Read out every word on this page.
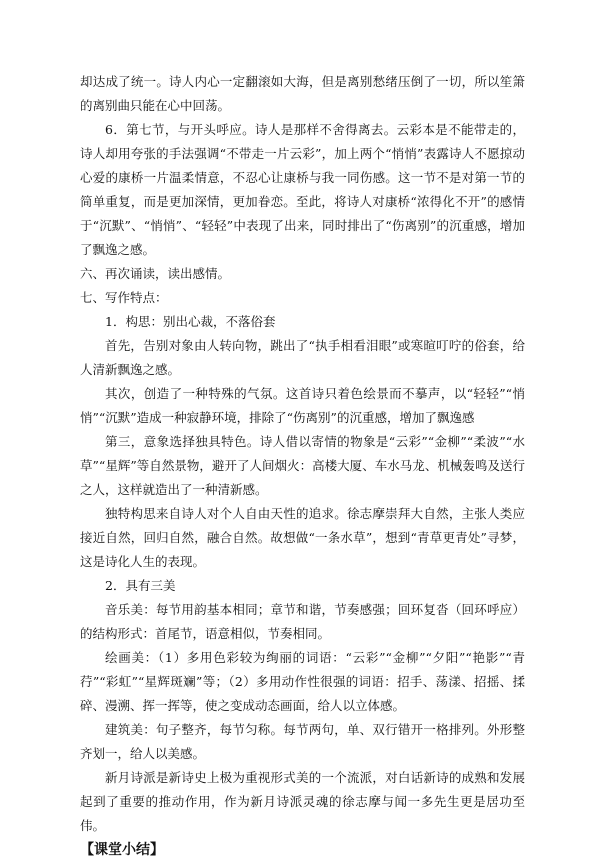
却达成了统一。诗人内心一定翻滚如大海，但是离别愁绪压倒了一切，所以笙箫的离别曲只能在心中回荡。

6．第七节，与开头呼应。诗人是那样不舍得离去。云彩本是不能带走的，诗人却用夸张的手法强调“不带走一片云彩”，加上两个“悄悄”表露诗人不愿掠动心爱的康桥一片温柔情意，不忍心让康桥与我一同伤感。这一节不是对第一节的简单重复，而是更加深情，更加眷恋。至此，将诗人对康桥“浓得化不开”的感情于“沉默”、“悄悄”、“轻轻”中表现了出来，同时排出了“伤离别”的沉重感，增加了飘逸之感。

六、再次诵读，读出感情。

七、写作特点：

1．构思：别出心裁，不落俗套

首先，告别对象由人转向物，跳出了“执手相看泪眼”或寒暄叮咛的俗套，给人清新飘逸之感。

其次，创造了一种特殊的气氛。这首诗只着色绘景而不摹声，以“轻轻”“悄悄”“沉默”造成一种寂静环境，排除了“伤离别”的沉重感，增加了飘逸感

第三，意象选择独具特色。诗人借以寄情的物象是“云彩”“金柳”“柔波”“水草”“星辉”等自然景物，避开了人间烟火：高楼大厦、车水马龙、机械轰鸣及送行之人，这样就造出了一种清新感。

独特构思来自诗人对个人自由天性的追求。徐志摩崇拜大自然，主张人类应接近自然，回归自然，融合自然。故想做“一条水草”，想到“青草更青处”寻梦，这是诗化人生的表现。

2．具有三美

音乐美：每节用韵基本相同；章节和谐，节奏感强；回环复沓（回环呼应）的结构形式：首尾节，语意相似，节奏相同。

绘画美：（1）多用色彩较为绚丽的词语：“云彩”“金柳”“夕阳”“艳影”“青荇”“彩虹”“星辉斑斓”等；（2）多用动作性很强的词语：招手、荡漾、招摇、揉碎、漫溯、挥一挥等，使之变成动态画面，给人以立体感。

建筑美：句子整齐，每节匀称。每节两句，单、双行错开一格排列。外形整齐划一，给人以美感。

新月诗派是新诗史上极为重视形式美的一个流派，对白话新诗的成熟和发展起到了重要的推动作用，作为新月诗派灵魂的徐志摩与闻一多先生更是居功至伟。

【课堂小结】
